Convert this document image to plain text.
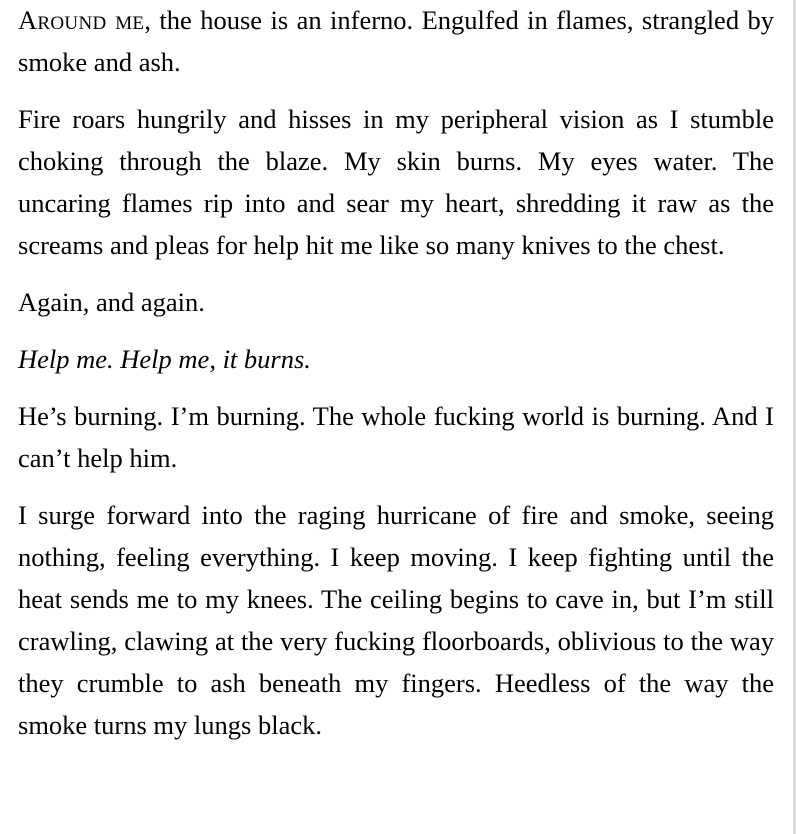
Around me, the house is an inferno. Engulfed in flames, strangled by smoke and ash.

Fire roars hungrily and hisses in my peripheral vision as I stumble choking through the blaze. My skin burns. My eyes water. The uncaring flames rip into and sear my heart, shredding it raw as the screams and pleas for help hit me like so many knives to the chest.

Again, and again.

Help me. Help me, it burns.

He’s burning. I’m burning. The whole fucking world is burning. And I can’t help him.

I surge forward into the raging hurricane of fire and smoke, seeing nothing, feeling everything. I keep moving. I keep fighting until the heat sends me to my knees. The ceiling begins to cave in, but I’m still crawling, clawing at the very fucking floorboards, oblivious to the way they crumble to ash beneath my fingers. Heedless of the way the smoke turns my lungs black.
